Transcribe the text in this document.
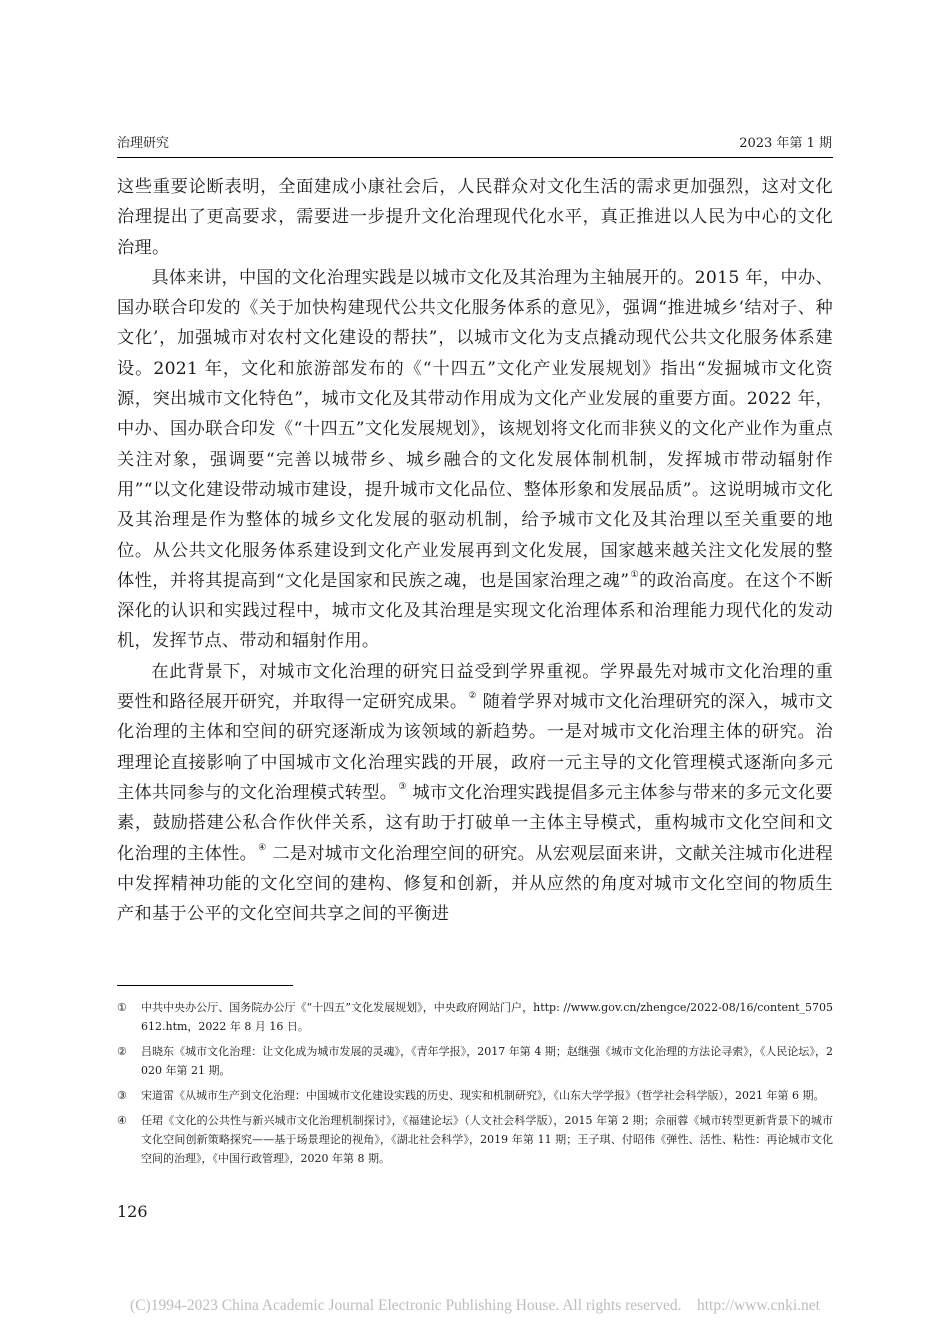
治理研究	2023 年第 1 期

这些重要论断表明，全面建成小康社会后，人民群众对文化生活的需求更加强烈，这对文化治理提出了更高要求，需要进一步提升文化治理现代化水平，真正推进以人民为中心的文化治理。

具体来讲，中国的文化治理实践是以城市文化及其治理为主轴展开的。2015 年，中办、国办联合印发的《关于加快构建现代公共文化服务体系的意见》，强调“推进城乡‘结对子、种文化’，加强城市对农村文化建设的帮扶”，以城市文化为支点撬动现代公共文化服务体系建设。2021 年，文化和旅游部发布的《“十四五”文化产业发展规划》指出“发掘城市文化资源，突出城市文化特色”，城市文化及其带动作用成为文化产业发展的重要方面。2022 年，中办、国办联合印发《“十四五”文化发展规划》，该规划将文化而非狭义的文化产业作为重点关注对象，强调要“完善以城带乡、城乡融合的文化发展体制机制，发挥城市带动辐射作用”“以文化建设带动城市建设，提升城市文化品位、整体形象和发展品质”。这说明城市文化及其治理是作为整体的城乡文化发展的驱动机制，给予城市文化及其治理以至关重要的地位。从公共文化服务体系建设到文化产业发展再到文化发展，国家越来越关注文化发展的整体性，并将其提高到“文化是国家和民族之魂，也是国家治理之魂”①的政治高度。在这个不断深化的认识和实践过程中，城市文化及其治理是实现文化治理体系和治理能力现代化的发动机，发挥节点、带动和辐射作用。

在此背景下，对城市文化治理的研究日益受到学界重视。学界最先对城市文化治理的重要性和路径展开研究，并取得一定研究成果。② 随着学界对城市文化治理研究的深入，城市文化治理的主体和空间的研究逐渐成为该领域的新趋势。一是对城市文化治理主体的研究。治理理论直接影响了中国城市文化治理实践的开展，政府一元主导的文化管理模式逐渐向多元主体共同参与的文化治理模式转型。③ 城市文化治理实践提倡多元主体参与带来的多元文化要素，鼓励搭建公私合作伙伴关系，这有助于打破单一主体主导模式，重构城市文化空间和文化治理的主体性。④ 二是对城市文化治理空间的研究。从宏观层面来讲，文献关注城市化进程中发挥精神功能的文化空间的建构、修复和创新，并从应然的角度对城市文化空间的物质生产和基于公平的文化空间共享之间的平衡进

①	中共中央办公厅、国务院办公厅《“十四五”文化发展规划》，中央政府网站门户，http: //www.gov.cn/zhengce/2022-08/16/content_5705612.htm，2022 年 8 月 16 日。
②	吕晓东《城市文化治理：让文化成为城市发展的灵魂》，《青年学报》，2017 年第 4 期；赵继强《城市文化治理的方法论寻索》，《人民论坛》，2020 年第 21 期。
③	宋道雷《从城市生产到文化治理：中国城市文化建设实践的历史、现实和机制研究》，《山东大学学报》（哲学社会科学版），2021 年第 6 期。
④	任珺《文化的公共性与新兴城市文化治理机制探讨》，《福建论坛》（人文社会科学版），2015 年第 2 期；佘丽蓉《城市转型更新背景下的城市文化空间创新策略探究——基于场景理论的视角》，《湖北社会科学》，2019 年第 11 期；王子琪、付昭伟《弹性、活性、粘性：再论城市文化空间的治理》，《中国行政管理》，2020 年第 8 期。
126
(C)1994-2023 China Academic Journal Electronic Publishing House. All rights reserved.    http://www.cnki.net
